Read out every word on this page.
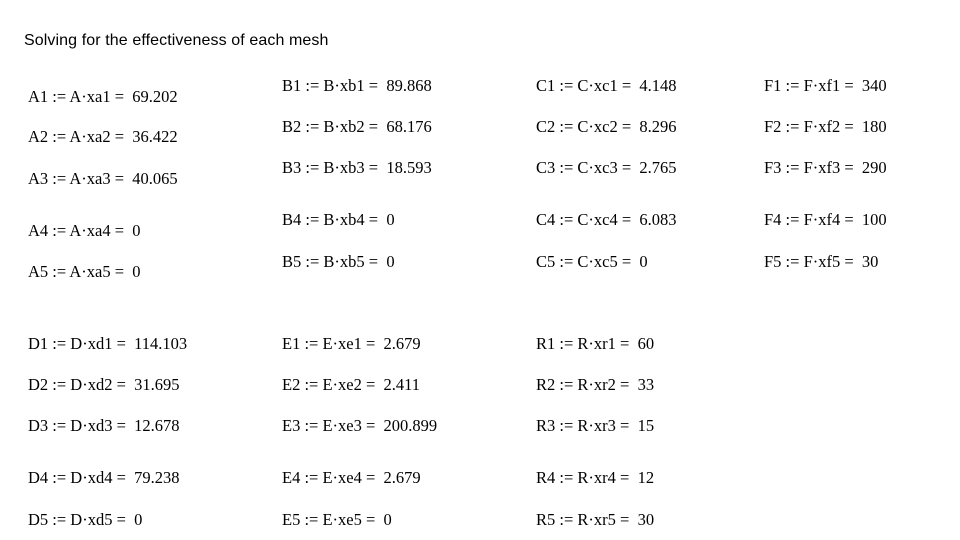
Solving for the effectiveness of each mesh
A1 := A·xa1 =  69.202
A2 := A·xa2 =  36.422
A3 := A·xa3 =  40.065
A4 := A·xa4 =  0
A5 := A·xa5 =  0
B1 := B·xb1 =  89.868
B2 := B·xb2 =  68.176
B3 := B·xb3 =  18.593
B4 := B·xb4 =  0
B5 := B·xb5 =  0
C1 := C·xc1 =  4.148
C2 := C·xc2 =  8.296
C3 := C·xc3 =  2.765
C4 := C·xc4 =  6.083
C5 := C·xc5 =  0
F1 := F·xf1 =  340
F2 := F·xf2 =  180
F3 := F·xf3 =  290
F4 := F·xf4 =  100
F5 := F·xf5 =  30
D1 := D·xd1 =  114.103
D2 := D·xd2 =  31.695
D3 := D·xd3 =  12.678
D4 := D·xd4 =  79.238
D5 := D·xd5 =  0
E1 := E·xe1 =  2.679
E2 := E·xe2 =  2.411
E3 := E·xe3 =  200.899
E4 := E·xe4 =  2.679
E5 := E·xe5 =  0
R1 := R·xr1 =  60
R2 := R·xr2 =  33
R3 := R·xr3 =  15
R4 := R·xr4 =  12
R5 := R·xr5 =  30
